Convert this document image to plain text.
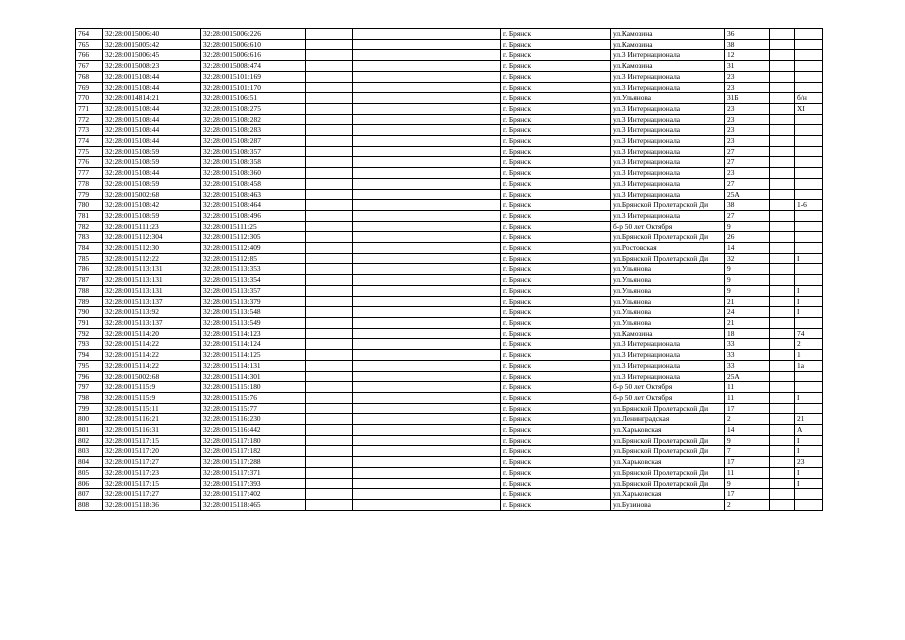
764	32:28:0015006:40	32:28:0015006:226			г. Брянск	ул.Камозина	36		
765	32:28:0015005:42	32:28:0015006:610			г. Брянск	ул.Камозина	38		
766	32:28:0015006:45	32:28:0015006:616			г. Брянск	ул.3 Интернационала	12		
767	32:28:0015008:23	32:28:0015008:474			г. Брянск	ул.Камозина	31		
768	32:28:0015108:44	32:28:0015101:169			г. Брянск	ул.3 Интернационала	23		
769	32:28:0015108:44	32:28:0015101:170			г. Брянск	ул.3 Интернационала	23		
770	32:28:0014814:21	32:28:0015106:51			г. Брянск	ул.Ульянова	31Б		б/н
771	32:28:0015108:44	32:28:0015108:275			г. Брянск	ул.3 Интернационала	23		XI
772	32:28:0015108:44	32:28:0015108:282			г. Брянск	ул.3 Интернационала	23		
773	32:28:0015108:44	32:28:0015108:283			г. Брянск	ул.3 Интернационала	23		
774	32:28:0015108:44	32:28:0015108:287			г. Брянск	ул.3 Интернационала	23		
775	32:28:0015108:59	32:28:0015108:357			г. Брянск	ул.3 Интернационала	27		
776	32:28:0015108:59	32:28:0015108:358			г. Брянск	ул.3 Интернационала	27		
777	32:28:0015108:44	32:28:0015108:360			г. Брянск	ул.3 Интернационала	23		
778	32:28:0015108:59	32:28:0015108:458			г. Брянск	ул.3 Интернационала	27		
779	32:28:0015002:68	32:28:0015108:463			г. Брянск	ул.3 Интернационала	25А		
780	32:28:0015108:42	32:28:0015108:464			г. Брянск	ул.Брянской Пролетарской Ди	38		1-6
781	32:28:0015108:59	32:28:0015108:496			г. Брянск	ул.3 Интернационала	27		
782	32:28:0015111:23	32:28:0015111:25			г. Брянск	б-р 50 лет Октября	9		
783	32:28:0015112:304	32:28:0015112:305			г. Брянск	ул.Брянской Пролетарской Ди	26		
784	32:28:0015112:30	32:28:0015112:409			г. Брянск	ул.Ростовская	14		
785	32:28:0015112:22	32:28:0015112:85			г. Брянск	ул.Брянской Пролетарской Ди	32		I
786	32:28:0015113:131	32:28:0015113:353			г. Брянск	ул.Ульянова	9		
787	32:28:0015113:131	32:28:0015113:354			г. Брянск	ул.Ульянова	9		
788	32:28:0015113:131	32:28:0015113:357			г. Брянск	ул.Ульянова	9		I
789	32:28:0015113:137	32:28:0015113:379			г. Брянск	ул.Ульянова	21		I
790	32:28:0015113:92	32:28:0015113:548			г. Брянск	ул.Ульянова	24		I
791	32:28:0015113:137	32:28:0015113:549			г. Брянск	ул.Ульянова	21		
792	32:28:0015114:20	32:28:0015114:123			г. Брянск	ул.Камозина	18		74
793	32:28:0015114:22	32:28:0015114:124			г. Брянск	ул.3 Интернационала	33		2
794	32:28:0015114:22	32:28:0015114:125			г. Брянск	ул.3 Интернационала	33		1
795	32:28:0015114:22	32:28:0015114:131			г. Брянск	ул.3 Интернационала	33		1а
796	32:28:0015002:68	32:28:0015114:301			г. Брянск	ул.3 Интернационала	25А		
797	32:28:0015115:9	32:28:0015115:180			г. Брянск	б-р 50 лет Октября	11		
798	32:28:0015115:9	32:28:0015115:76			г. Брянск	б-р 50 лет Октября	11		I
799	32:28:0015115:11	32:28:0015115:77			г. Брянск	ул.Брянской Пролетарской Ди	17		
800	32:28:0015116:21	32:28:0015116:230			г. Брянск	ул.Ленинградская	2		21
801	32:28:0015116:31	32:28:0015116:442			г. Брянск	ул.Харьковская	14		А
802	32:28:0015117:15	32:28:0015117:180			г. Брянск	ул.Брянской Пролетарской Ди	9		I
803	32:28:0015117:20	32:28:0015117:182			г. Брянск	ул.Брянской Пролетарской Ди	7		I
804	32:28:0015117:27	32:28:0015117:288			г. Брянск	ул.Харьковская	17		23
805	32:28:0015117:23	32:28:0015117:371			г. Брянск	ул.Брянской Пролетарской Ди	11		I
806	32:28:0015117:15	32:28:0015117:393			г. Брянск	ул.Брянской Пролетарской Ди	9		I
807	32:28:0015117:27	32:28:0015117:402			г. Брянск	ул.Харьковская	17		
808	32:28:0015118:36	32:28:0015118:465			г. Брянск	ул.Бузинова	2		
